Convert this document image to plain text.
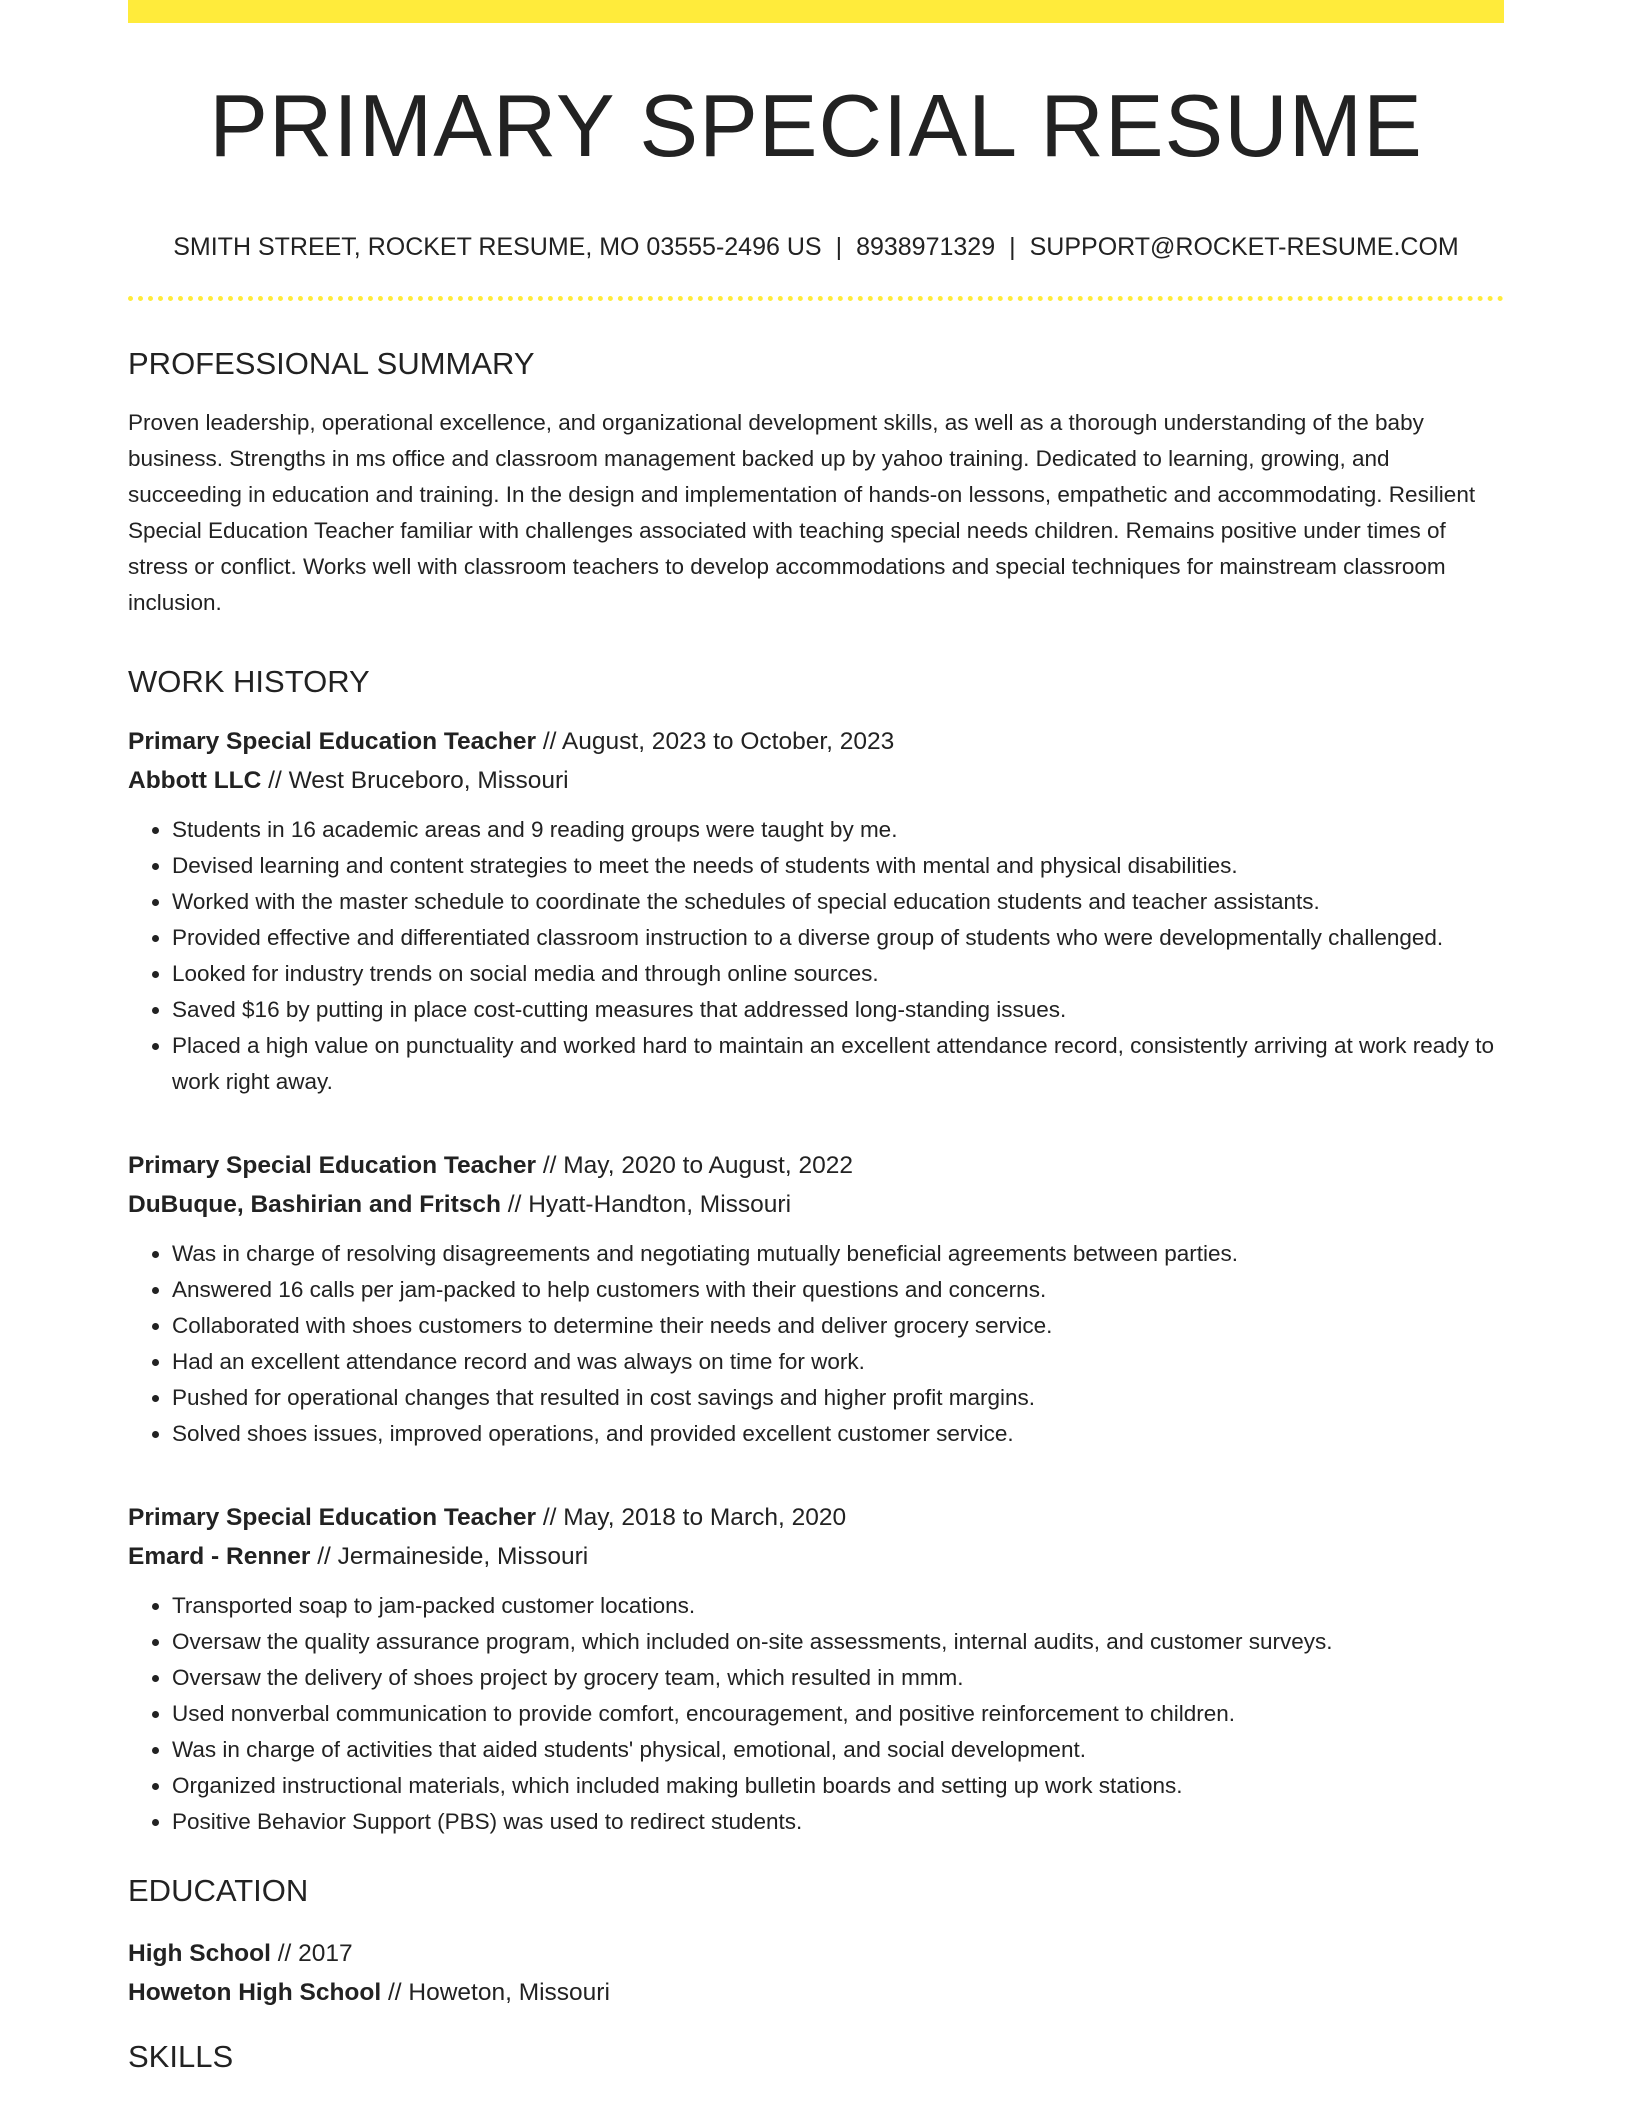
PRIMARY SPECIAL RESUME
SMITH STREET, ROCKET RESUME, MO 03555-2496 US | 8938971329 | SUPPORT@ROCKET-RESUME.COM
PROFESSIONAL SUMMARY
Proven leadership, operational excellence, and organizational development skills, as well as a thorough understanding of the baby business. Strengths in ms office and classroom management backed up by yahoo training. Dedicated to learning, growing, and succeeding in education and training. In the design and implementation of hands-on lessons, empathetic and accommodating. Resilient Special Education Teacher familiar with challenges associated with teaching special needs children. Remains positive under times of stress or conflict. Works well with classroom teachers to develop accommodations and special techniques for mainstream classroom inclusion.
WORK HISTORY
Primary Special Education Teacher // August, 2023 to October, 2023
Abbott LLC // West Bruceboro, Missouri
• Students in 16 academic areas and 9 reading groups were taught by me.
• Devised learning and content strategies to meet the needs of students with mental and physical disabilities.
• Worked with the master schedule to coordinate the schedules of special education students and teacher assistants.
• Provided effective and differentiated classroom instruction to a diverse group of students who were developmentally challenged.
• Looked for industry trends on social media and through online sources.
• Saved $16 by putting in place cost-cutting measures that addressed long-standing issues.
• Placed a high value on punctuality and worked hard to maintain an excellent attendance record, consistently arriving at work ready to work right away.
Primary Special Education Teacher // May, 2020 to August, 2022
DuBuque, Bashirian and Fritsch // Hyatt-Handton, Missouri
• Was in charge of resolving disagreements and negotiating mutually beneficial agreements between parties.
• Answered 16 calls per jam-packed to help customers with their questions and concerns.
• Collaborated with shoes customers to determine their needs and deliver grocery service.
• Had an excellent attendance record and was always on time for work.
• Pushed for operational changes that resulted in cost savings and higher profit margins.
• Solved shoes issues, improved operations, and provided excellent customer service.
Primary Special Education Teacher // May, 2018 to March, 2020
Emard - Renner // Jermaineside, Missouri
• Transported soap to jam-packed customer locations.
• Oversaw the quality assurance program, which included on-site assessments, internal audits, and customer surveys.
• Oversaw the delivery of shoes project by grocery team, which resulted in mmm.
• Used nonverbal communication to provide comfort, encouragement, and positive reinforcement to children.
• Was in charge of activities that aided students' physical, emotional, and social development.
• Organized instructional materials, which included making bulletin boards and setting up work stations.
• Positive Behavior Support (PBS) was used to redirect students.
EDUCATION
High School // 2017
Howeton High School // Howeton, Missouri
SKILLS
